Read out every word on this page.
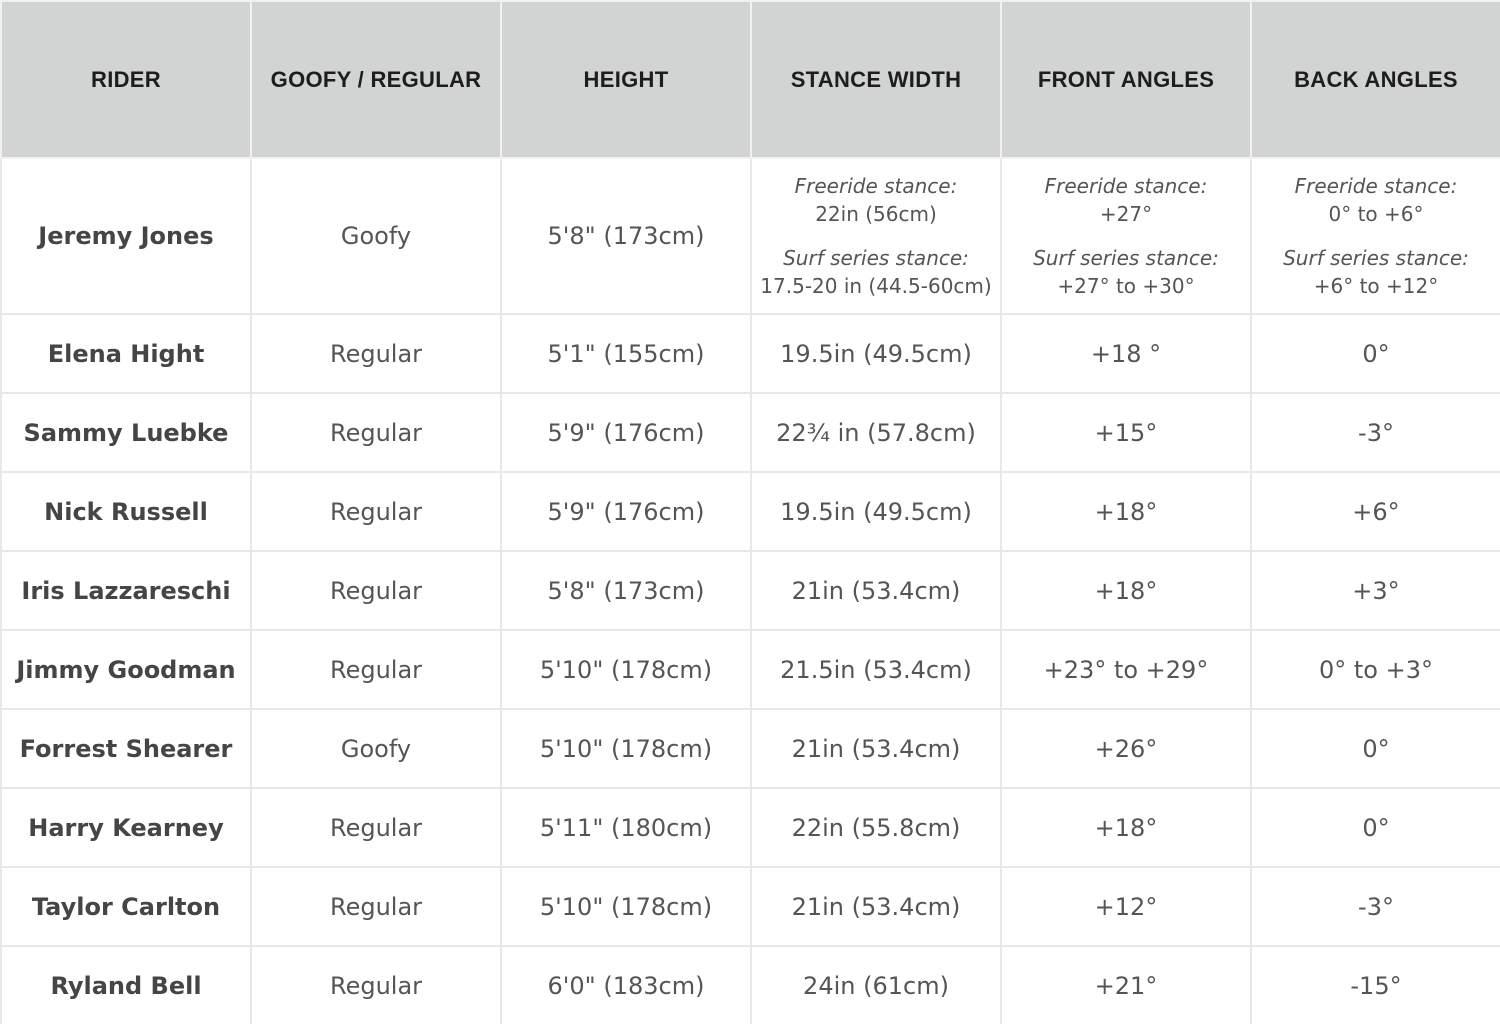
RIDER	GOOFY / REGULAR	HEIGHT	STANCE WIDTH	FRONT ANGLES	BACK ANGLES
Jeremy Jones	Goofy	5'8" (173cm)	Freeride stance:
22in (56cm)
Surf series stance:
17.5-20 in (44.5-60cm)	Freeride stance:
+27°
Surf series stance:
+27° to +30°	Freeride stance:
0° to +6°
Surf series stance:
+6° to +12°

Elena Hight	Regular	5'1" (155cm)	19.5in (49.5cm)	+18 °	0°
Sammy Luebke	Regular	5'9" (176cm)	22¾ in (57.8cm)	+15°	-3°
Nick Russell	Regular	5'9" (176cm)	19.5in (49.5cm)	+18°	+6°
Iris Lazzareschi	Regular	5'8" (173cm)	21in (53.4cm)	+18°	+3°
Jimmy Goodman	Regular	5'10" (178cm)	21.5in (53.4cm)	+23° to +29°	0° to +3°
Forrest Shearer	Goofy	5'10" (178cm)	21in (53.4cm)	+26°	0°
Harry Kearney	Regular	5'11" (180cm)	22in (55.8cm)	+18°	0°
Taylor Carlton	Regular	5'10" (178cm)	21in (53.4cm)	+12°	-3°
Ryland Bell	Regular	6'0" (183cm)	24in (61cm)	+21°	-15°
